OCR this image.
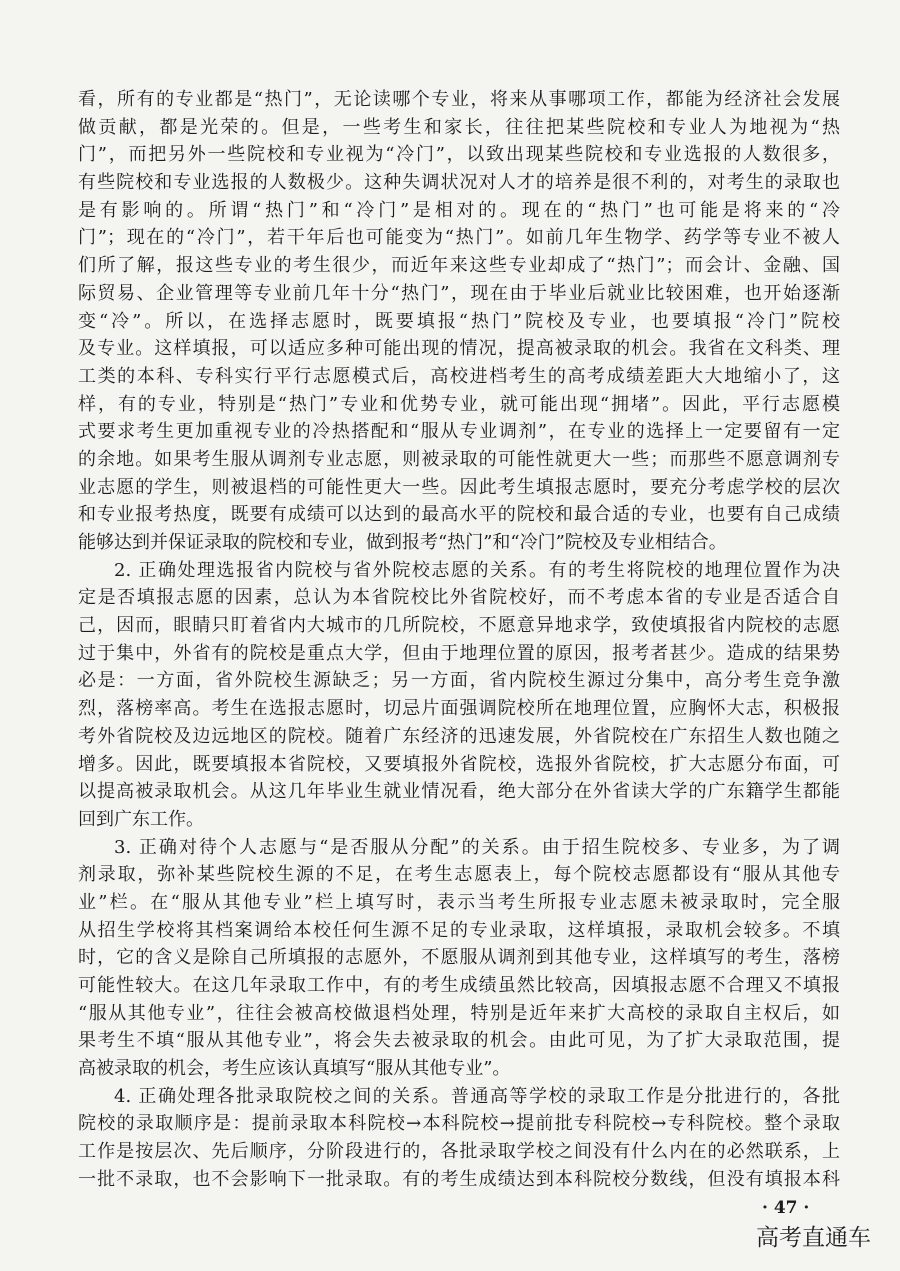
看，所有的专业都是“热门”，无论读哪个专业，将来从事哪项工作，都能为经济社会发展
做贡献，都是光荣的。但是，一些考生和家长，往往把某些院校和专业人为地视为“热
门”，而把另外一些院校和专业视为“冷门”，以致出现某些院校和专业选报的人数很多，
有些院校和专业选报的人数极少。这种失调状况对人才的培养是很不利的，对考生的录取也
是有影响的。所谓“热门”和“冷门”是相对的。现在的“热门”也可能是将来的“冷
门”；现在的“冷门”，若干年后也可能变为“热门”。如前几年生物学、药学等专业不被人
们所了解，报这些专业的考生很少，而近年来这些专业却成了“热门”；而会计、金融、国
际贸易、企业管理等专业前几年十分“热门”，现在由于毕业后就业比较困难，也开始逐渐
变“冷”。所以，在选择志愿时，既要填报“热门”院校及专业，也要填报“冷门”院校
及专业。这样填报，可以适应多种可能出现的情况，提高被录取的机会。我省在文科类、理
工类的本科、专科实行平行志愿模式后，高校进档考生的高考成绩差距大大地缩小了，这
样，有的专业，特别是“热门”专业和优势专业，就可能出现“拥堵”。因此，平行志愿模
式要求考生更加重视专业的冷热搭配和“服从专业调剂”，在专业的选择上一定要留有一定
的余地。如果考生服从调剂专业志愿，则被录取的可能性就更大一些；而那些不愿意调剂专
业志愿的学生，则被退档的可能性更大一些。因此考生填报志愿时，要充分考虑学校的层次
和专业报考热度，既要有成绩可以达到的最高水平的院校和最合适的专业，也要有自己成绩
能够达到并保证录取的院校和专业，做到报考“热门”和“冷门”院校及专业相结合。
2. 正确处理选报省内院校与省外院校志愿的关系。有的考生将院校的地理位置作为决
定是否填报志愿的因素，总认为本省院校比外省院校好，而不考虑本省的专业是否适合自
己，因而，眼睛只盯着省内大城市的几所院校，不愿意异地求学，致使填报省内院校的志愿
过于集中，外省有的院校是重点大学，但由于地理位置的原因，报考者甚少。造成的结果势
必是：一方面，省外院校生源缺乏；另一方面，省内院校生源过分集中，高分考生竞争激
烈，落榜率高。考生在选报志愿时，切忌片面强调院校所在地理位置，应胸怀大志，积极报
考外省院校及边远地区的院校。随着广东经济的迅速发展，外省院校在广东招生人数也随之
增多。因此，既要填报本省院校，又要填报外省院校，选报外省院校，扩大志愿分布面，可
以提高被录取机会。从这几年毕业生就业情况看，绝大部分在外省读大学的广东籍学生都能
回到广东工作。
3. 正确对待个人志愿与“是否服从分配”的关系。由于招生院校多、专业多，为了调
剂录取，弥补某些院校生源的不足，在考生志愿表上，每个院校志愿都设有“服从其他专
业”栏。在“服从其他专业”栏上填写时，表示当考生所报专业志愿未被录取时，完全服
从招生学校将其档案调给本校任何生源不足的专业录取，这样填报，录取机会较多。不填
时，它的含义是除自己所填报的志愿外，不愿服从调剂到其他专业，这样填写的考生，落榜
可能性较大。在这几年录取工作中，有的考生成绩虽然比较高，因填报志愿不合理又不填报
“服从其他专业”，往往会被高校做退档处理，特别是近年来扩大高校的录取自主权后，如
果考生不填“服从其他专业”，将会失去被录取的机会。由此可见，为了扩大录取范围，提
高被录取的机会，考生应该认真填写“服从其他专业”。
4. 正确处理各批录取院校之间的关系。普通高等学校的录取工作是分批进行的，各批
院校的录取顺序是：提前录取本科院校→本科院校→提前批专科院校→专科院校。整个录取
工作是按层次、先后顺序，分阶段进行的，各批录取学校之间没有什么内在的必然联系，上
一批不录取，也不会影响下一批录取。有的考生成绩达到本科院校分数线，但没有填报本科
· 47 ·
高考直通车
